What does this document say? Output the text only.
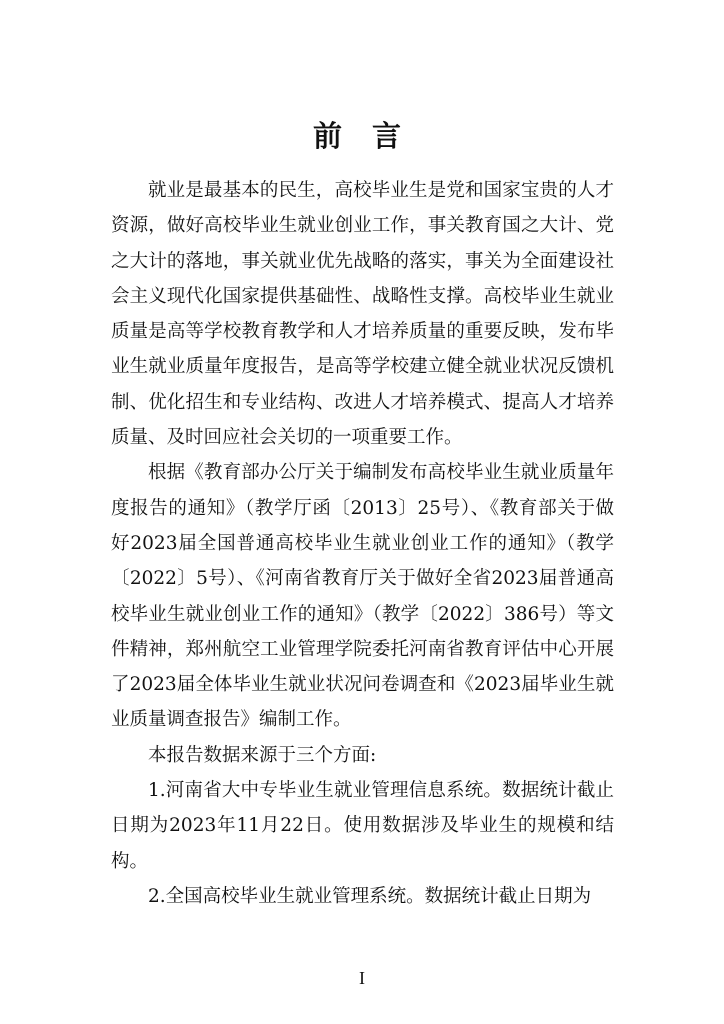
前 言

就业是最基本的民生，高校毕业生是党和国家宝贵的人才资源，做好高校毕业生就业创业工作，事关教育国之大计、党之大计的落地，事关就业优先战略的落实，事关为全面建设社会主义现代化国家提供基础性、战略性支撑。高校毕业生就业质量是高等学校教育教学和人才培养质量的重要反映，发布毕业生就业质量年度报告，是高等学校建立健全就业状况反馈机制、优化招生和专业结构、改进人才培养模式、提高人才培养质量、及时回应社会关切的一项重要工作。

根据《教育部办公厅关于编制发布高校毕业生就业质量年度报告的通知》（教学厅函〔2013〕25号）、《教育部关于做好2023届全国普通高校毕业生就业创业工作的通知》（教学〔2022〕5号）、《河南省教育厅关于做好全省2023届普通高校毕业生就业创业工作的通知》（教学〔2022〕386号）等文件精神，郑州航空工业管理学院委托河南省教育评估中心开展了2023届全体毕业生就业状况问卷调查和《2023届毕业生就业质量调查报告》编制工作。

本报告数据来源于三个方面:

1.河南省大中专毕业生就业管理信息系统。数据统计截止日期为2023年11月22日。使用数据涉及毕业生的规模和结构。

2.全国高校毕业生就业管理系统。数据统计截止日期为

I
